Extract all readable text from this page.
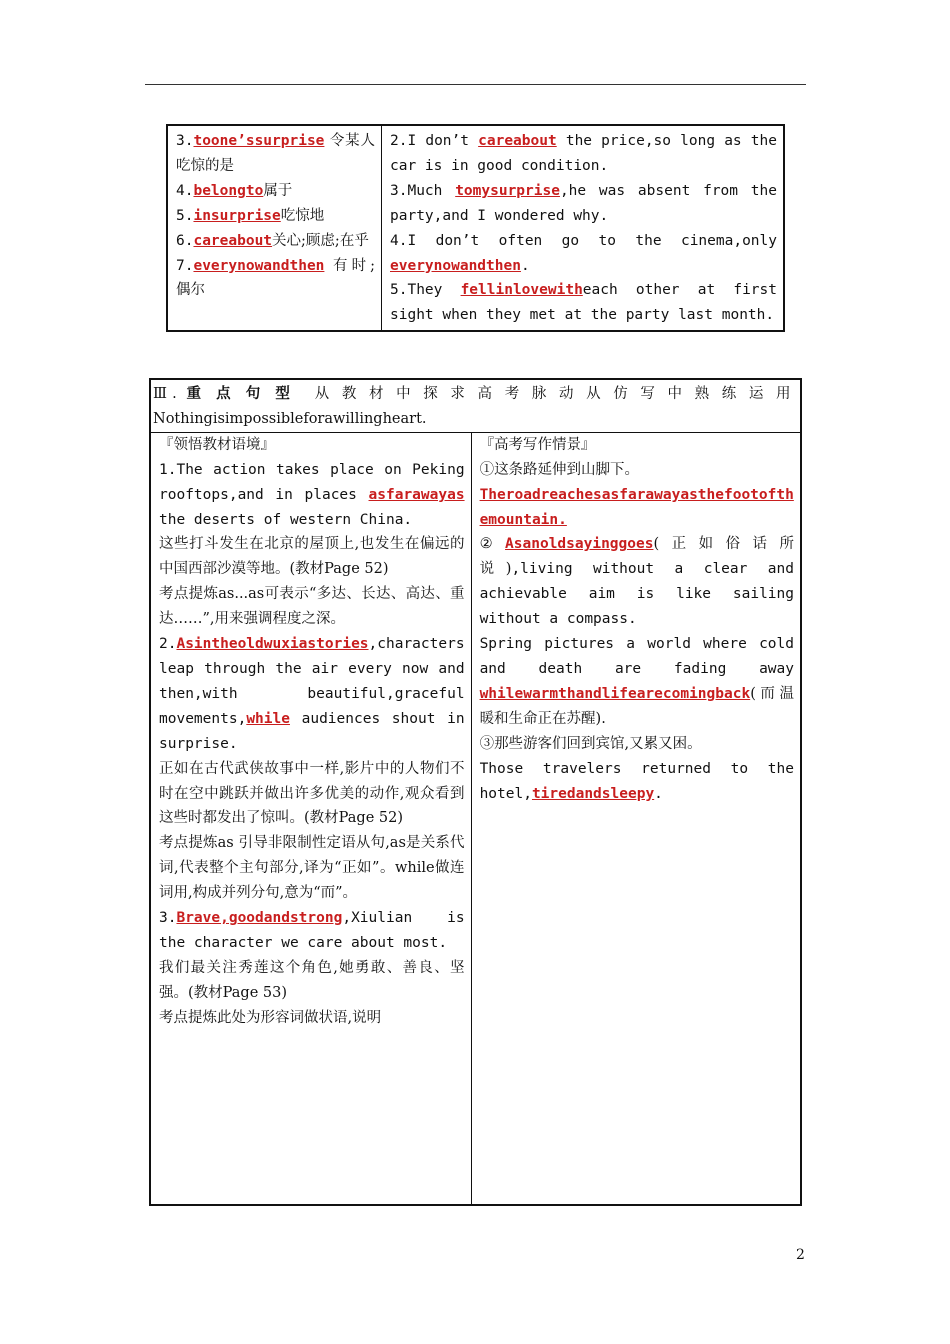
3.toone’ssurprise 令某人吃惊的是
4.belongto属于
5.insurprise吃惊地
6.careabout关心;顾虑;在乎
7.everynowandthen 有时;偶尔

2.I don’t careabout the price,so long as the car is in good condition.
3.Much tomysurprise,he was absent from the party,and I wondered why.
4.I don’t often go to the cinema,only everynowandthen.
5.They fellinlovewitheach other at first sight when they met at the party last month.
Ⅲ. 重点句型 从教材中探求高考脉动从仿写中熟练运用
Nothingisimpossibleforawillingheart.

『领悟教材语境』
1.The action takes place on Peking rooftops,and in places asfarawayas the deserts of western China.
这些打斗发生在北京的屋顶上,也发生在偏远的中国西部沙漠等地。(教材Page 52)
考点提炼as...as可表示“多达、长达、高达、重达……”,用来强调程度之深。
2.Asintheoldwuxiastories,characters leap through the air every now and then,with beautiful,graceful movements,while audiences shout in surprise.
正如在古代武侠故事中一样,影片中的人物们不时在空中跳跃并做出许多优美的动作,观众看到这些时都发出了惊叫。(教材Page 52)
考点提炼as 引导非限制性定语从句,as是关系代词,代表整个主句部分,译为“正如”。while做连词用,构成并列分句,意为“而”。
3.Brave,goodandstrong,Xiulian is the character we care about most.
我们最关注秀莲这个角色,她勇敢、善良、坚强。(教材Page 53)
考点提炼此处为形容词做状语,说明

『高考写作情景』
①这条路延伸到山脚下。
Theroadreachesasfarawayasthefootofthemountain.
②Asanoldsayinggoes(正如俗话所说),living without a clear and achievable aim is like sailing without a compass.
Spring pictures a world where cold and death are fading away whilewarmthandlifearecomingback(而温暖和生命正在苏醒).
③那些游客们回到宾馆,又累又困。
Those travelers returned to the hotel,tiredandsleepy.
2
